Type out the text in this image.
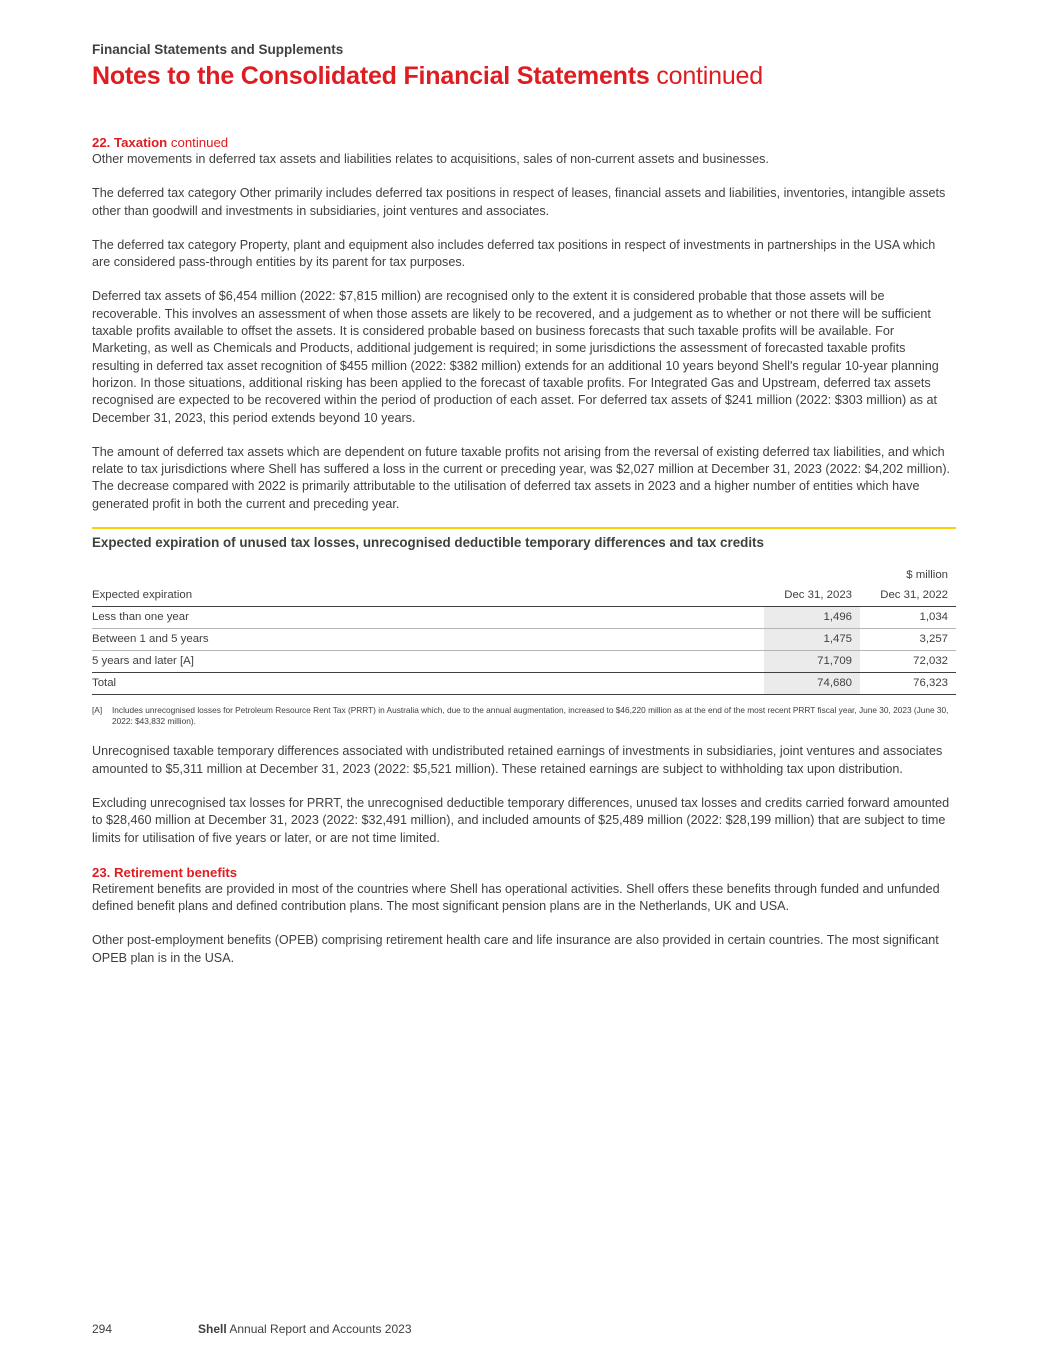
Financial Statements and Supplements
Notes to the Consolidated Financial Statements continued
22. Taxation continued

Other movements in deferred tax assets and liabilities relates to acquisitions, sales of non-current assets and businesses.

The deferred tax category Other primarily includes deferred tax positions in respect of leases, financial assets and liabilities, inventories, intangible assets other than goodwill and investments in subsidiaries, joint ventures and associates.

The deferred tax category Property, plant and equipment also includes deferred tax positions in respect of investments in partnerships in the USA which are considered pass-through entities by its parent for tax purposes.

Deferred tax assets of $6,454 million (2022: $7,815 million) are recognised only to the extent it is considered probable that those assets will be recoverable. This involves an assessment of when those assets are likely to be recovered, and a judgement as to whether or not there will be sufficient taxable profits available to offset the assets. It is considered probable based on business forecasts that such taxable profits will be available. For Marketing, as well as Chemicals and Products, additional judgement is required; in some jurisdictions the assessment of forecasted taxable profits resulting in deferred tax asset recognition of $455 million (2022: $382 million) extends for an additional 10 years beyond Shell's regular 10-year planning horizon. In those situations, additional risking has been applied to the forecast of taxable profits. For Integrated Gas and Upstream, deferred tax assets recognised are expected to be recovered within the period of production of each asset. For deferred tax assets of $241 million (2022: $303 million) as at December 31, 2023, this period extends beyond 10 years.

The amount of deferred tax assets which are dependent on future taxable profits not arising from the reversal of existing deferred tax liabilities, and which relate to tax jurisdictions where Shell has suffered a loss in the current or preceding year, was $2,027 million at December 31, 2023 (2022: $4,202 million). The decrease compared with 2022 is primarily attributable to the utilisation of deferred tax assets in 2023 and a higher number of entities which have generated profit in both the current and preceding year.

Expected expiration of unused tax losses, unrecognised deductible temporary differences and tax credits
		$ million
Expected expiration	Dec 31, 2023	Dec 31, 2022
Less than one year	1,496	1,034
Between 1 and 5 years	1,475	3,257
5 years and later [A]	71,709	72,032
Total	74,680	76,323
[A]	Includes unrecognised losses for Petroleum Resource Rent Tax (PRRT) in Australia which, due to the annual augmentation, increased to $46,220 million as at the end of the most recent PRRT fiscal year, June 30, 2023 (June 30, 2022: $43,832 million).

Unrecognised taxable temporary differences associated with undistributed retained earnings of investments in subsidiaries, joint ventures and associates amounted to $5,311 million at December 31, 2023 (2022: $5,521 million). These retained earnings are subject to withholding tax upon distribution.

Excluding unrecognised tax losses for PRRT, the unrecognised deductible temporary differences, unused tax losses and credits carried forward amounted to $28,460 million at December 31, 2023 (2022: $32,491 million), and included amounts of $25,489 million (2022: $28,199 million) that are subject to time limits for utilisation of five years or later, or are not time limited.

23. Retirement benefits

Retirement benefits are provided in most of the countries where Shell has operational activities. Shell offers these benefits through funded and unfunded defined benefit plans and defined contribution plans. The most significant pension plans are in the Netherlands, UK and USA.

Other post-employment benefits (OPEB) comprising retirement health care and life insurance are also provided in certain countries. The most significant OPEB plan is in the USA.

294	Shell Annual Report and Accounts 2023
